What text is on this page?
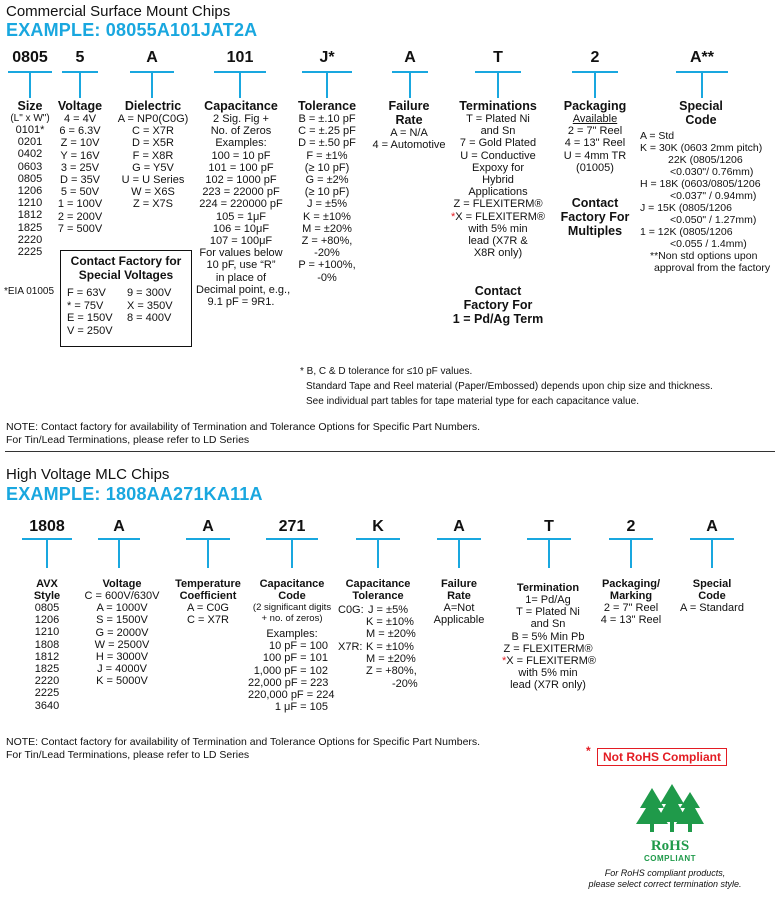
Commercial Surface Mount Chips
EXAMPLE: 08055A101JAT2A
0805	5	A	101	J*	A	T	2	A**
Size
(L" x W")
0101*
0201
0402
0603
0805
1206
1210
1812
1825
2220
2225
*EIA 01005
Voltage
4 = 4V
6 = 6.3V
Z = 10V
Y = 16V
3 = 25V
D = 35V
5 = 50V
1 = 100V
2 = 200V
7 = 500V
Dielectric
A = NP0(C0G)
C = X7R
D = X5R
F = X8R
G = Y5V
U = U Series
W = X6S
Z = X7S
Capacitance
2 Sig. Fig +
No. of Zeros
Examples:
100 = 10 pF
101 = 100 pF
102 = 1000 pF
223 = 22000 pF
224 = 220000 pF
105 = 1μF
106 = 10μF
107 = 100μF
For values below
10 pF, use “R”
in place of
Decimal point, e.g.,
9.1 pF = 9R1.
Tolerance
B = ±.10 pF
C = ±.25 pF
D = ±.50 pF
F = ±1%
(≥ 10 pF)
G = ±2%
(≥ 10 pF)
J = ±5%
K = ±10%
M = ±20%
Z = +80%,
-20%
P = +100%,
-0%
Failure
Rate
A = N/A
4 = Automotive
Terminations
T = Plated Ni
and Sn
7 = Gold Plated
U = Conductive
Expoxy for
Hybrid
Applications
Z = FLEXITERM®
*X = FLEXITERM®
with 5% min
lead (X7R &
X8R only)
Contact
Factory For
1 = Pd/Ag Term
Packaging
Available
2 = 7" Reel
4 = 13" Reel
U = 4mm TR
(01005)
Contact
Factory For
Multiples
Special
Code
A = Std
K = 30K (0603 2mm pitch)
22K (0805/1206
<0.030"/ 0.76mm)
H = 18K (0603/0805/1206
<0.037" / 0.94mm)
J = 15K (0805/1206
<0.050" / 1.27mm)
1 = 12K (0805/1206
<0.055 / 1.4mm)
**Non std options upon
approval from the factory
Contact Factory for
Special Voltages
F = 63V
* = 75V
E = 150V
V = 250V
9 = 300V
X = 350V
8 = 400V
* B, C & D tolerance for ≤10 pF values.
Standard Tape and Reel material (Paper/Embossed) depends upon chip size and thickness.
See individual part tables for tape material type for each capacitance value.
NOTE: Contact factory for availability of Termination and Tolerance Options for Specific Part Numbers.
For Tin/Lead Terminations, please refer to LD Series
High Voltage MLC Chips
EXAMPLE: 1808AA271KA11A
1808	A	A	271	K	A	T	2	A
AVX
Style
0805
1206
1210
1808
1812
1825
2220
2225
3640
Voltage
C = 600V/630V
A = 1000V
S = 1500V
G = 2000V
W = 2500V
H = 3000V
J = 4000V
K = 5000V
Temperature
Coefficient
A = C0G
C = X7R
Capacitance
Code
(2 significant digits
+ no. of zeros)
Examples:
10 pF = 100
100 pF = 101
1,000 pF = 102
22,000 pF = 223
220,000 pF = 224
1 μF = 105
Capacitance
Tolerance
C0G: J = ±5%
K = ±10%
M = ±20%
X7R: K = ±10%
M = ±20%
Z = +80%,
-20%
Failure
Rate
A=Not
Applicable
Termination
1= Pd/Ag
T = Plated Ni
and Sn
B = 5% Min Pb
Z = FLEXITERM®
*X = FLEXITERM®
with 5% min
lead (X7R only)
Packaging/
Marking
2 = 7" Reel
4 = 13" Reel
Special
Code
A = Standard
NOTE: Contact factory for availability of Termination and Tolerance Options for Specific Part Numbers.
For Tin/Lead Terminations, please refer to LD Series	*	Not RoHS Compliant
RoHS
COMPLIANT
For RoHS compliant products,
please select correct termination style.
